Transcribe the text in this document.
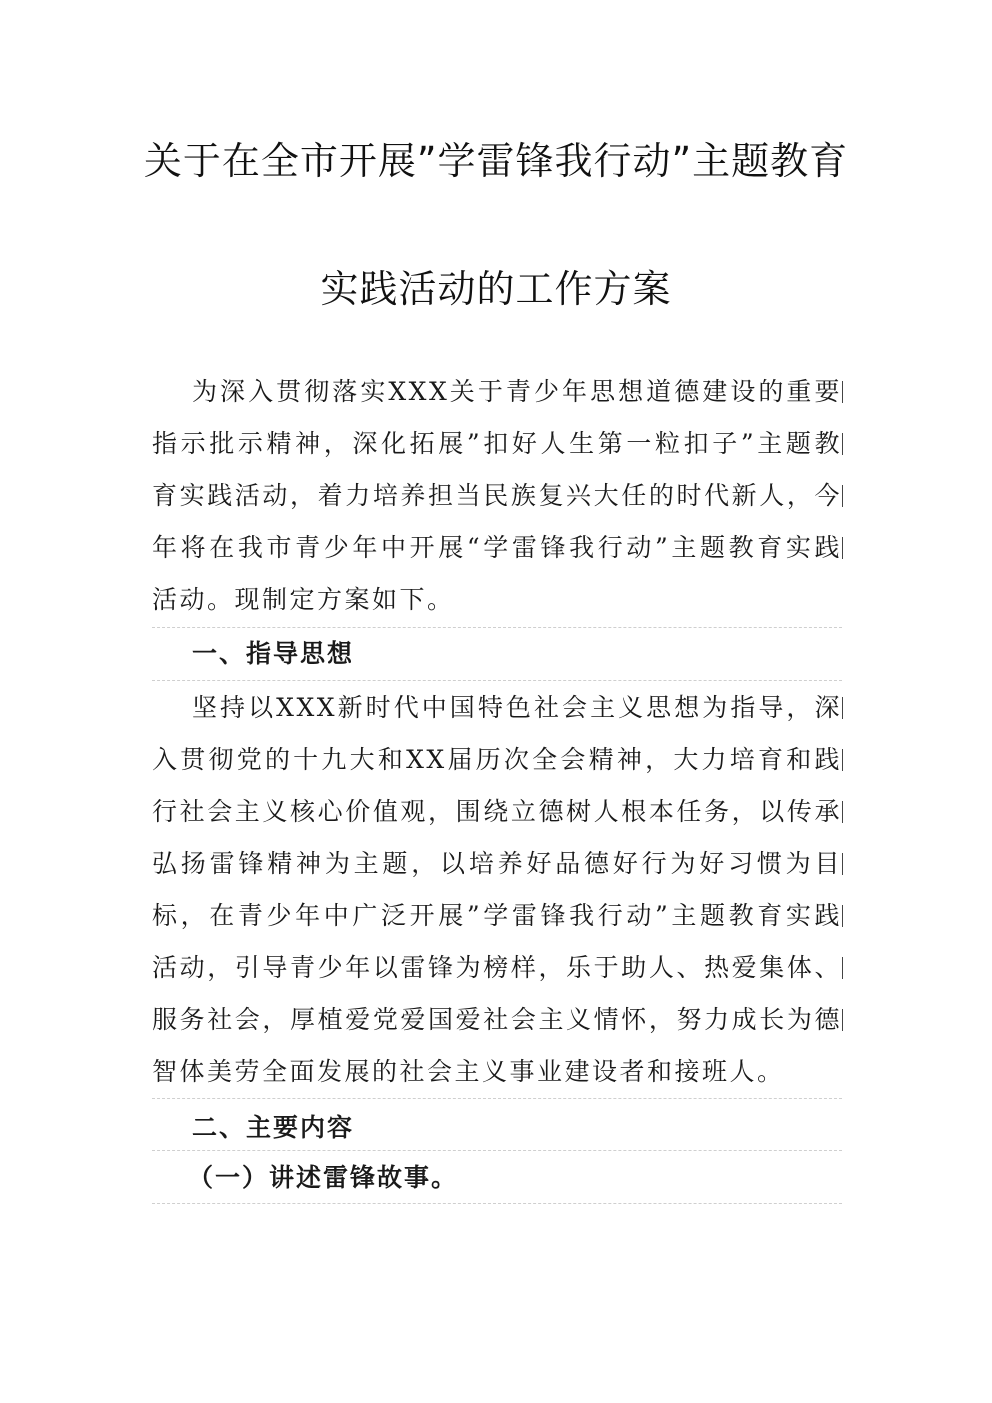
关于在全市开展”学雷锋我行动”主题教育
实践活动的工作方案
为深入贯彻落实XXX关于青少年思想道德建设的重要指示批示精神，深化拓展”扣好人生第一粒扣子”主题教育实践活动，着力培养担当民族复兴大任的时代新人，今年将在我市青少年中开展“学雷锋我行动”主题教育实践活动。现制定方案如下。
一、指导思想
坚持以XXX新时代中国特色社会主义思想为指导，深入贯彻党的十九大和XX届历次全会精神，大力培育和践行社会主义核心价值观，围绕立德树人根本任务，以传承弘扬雷锋精神为主题，以培养好品德好行为好习惯为目标，在青少年中广泛开展”学雷锋我行动”主题教育实践活动，引导青少年以雷锋为榜样，乐于助人、热爱集体、服务社会，厚植爱党爱国爱社会主义情怀，努力成长为德智体美劳全面发展的社会主义事业建设者和接班人。
二、主要内容
（一）讲述雷锋故事。
